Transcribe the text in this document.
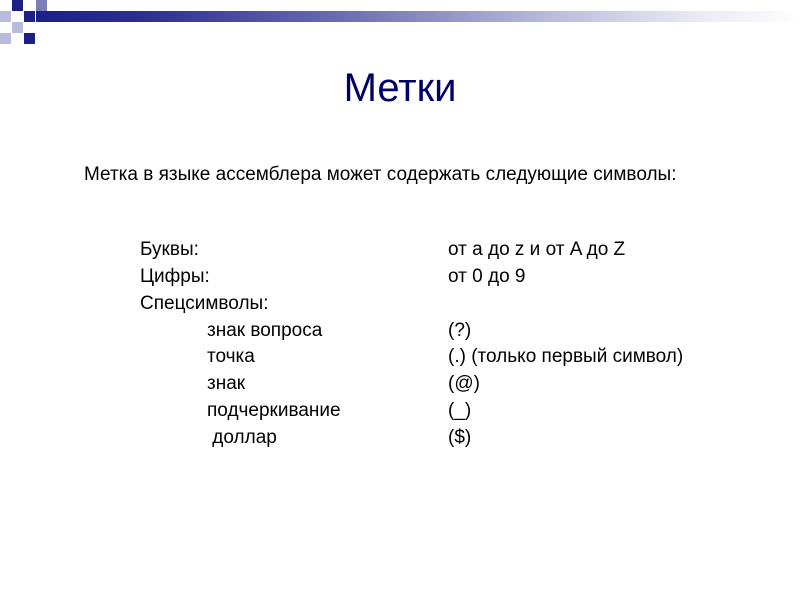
Метки
Метка в языке ассемблера может содержать следующие символы:
Буквы:	от a до z и от A до Z
Цифры:	от 0 до 9
Спецсимволы:
знак вопроса	(?)
точка	(.) (только первый символ)
знак	(@)
подчеркивание	(_)
доллар	($)
